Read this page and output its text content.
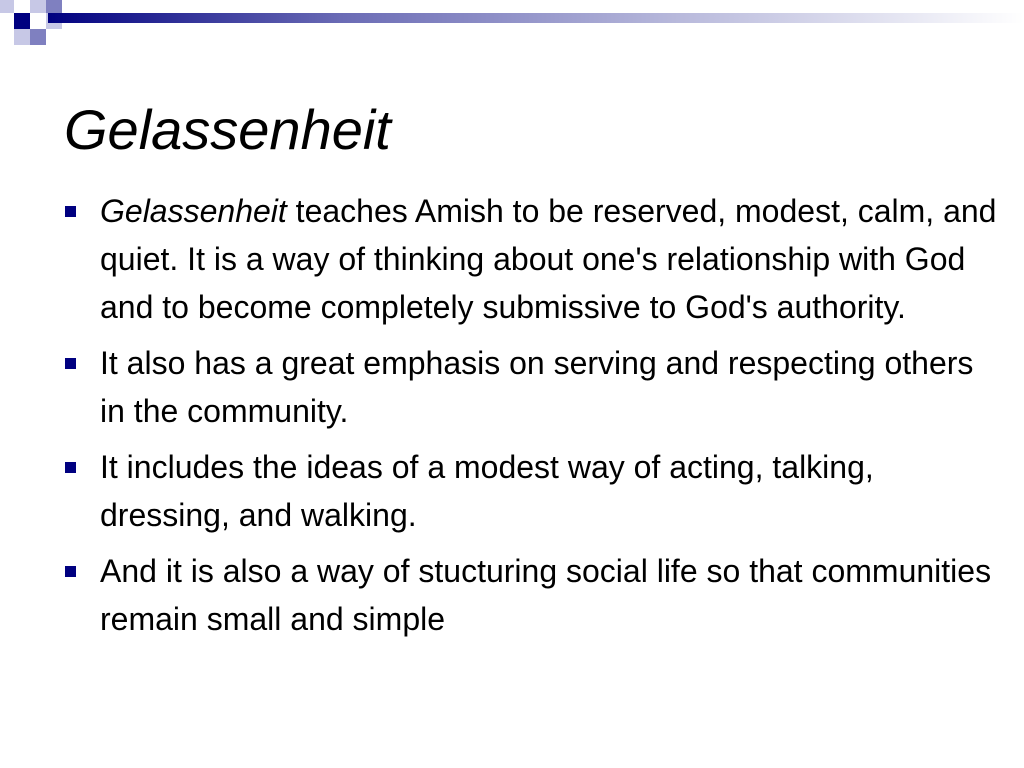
Gelassenheit
Gelassenheit teaches Amish to be reserved, modest, calm, and quiet. It is a way of thinking about one's relationship with God and to become completely submissive to God's authority.
It also has a great emphasis on serving and respecting others in the community.
It includes the ideas of a modest way of acting, talking, dressing, and walking.
And it is also a way of stucturing social life so that communities remain small and simple
